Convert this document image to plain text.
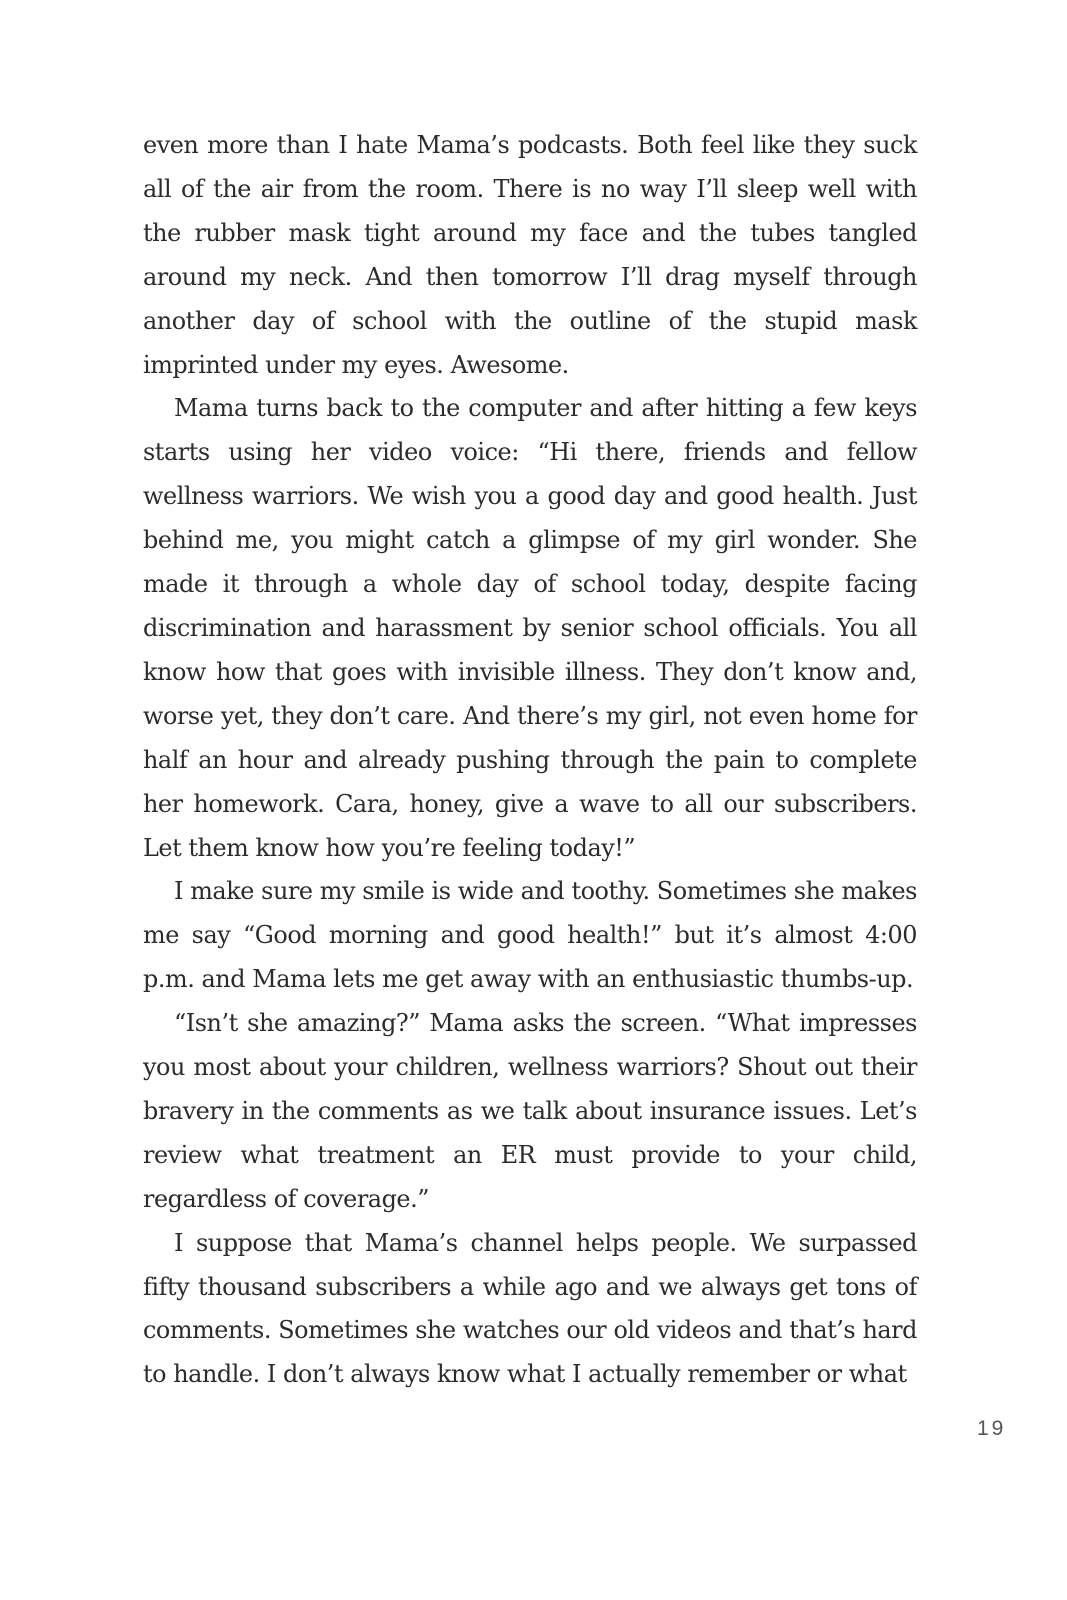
even more than I hate Mama’s podcasts. Both feel like they suck all of the air from the room. There is no way I’ll sleep well with the rubber mask tight around my face and the tubes tangled around my neck. And then tomorrow I’ll drag myself through another day of school with the outline of the stupid mask imprinted under my eyes. Awesome.

Mama turns back to the computer and after hitting a few keys starts using her video voice: “Hi there, friends and fellow wellness warriors. We wish you a good day and good health. Just behind me, you might catch a glimpse of my girl wonder. She made it through a whole day of school today, despite facing discrimination and harassment by senior school officials. You all know how that goes with invisible illness. They don’t know and, worse yet, they don’t care. And there’s my girl, not even home for half an hour and already pushing through the pain to complete her homework. Cara, honey, give a wave to all our subscribers. Let them know how you’re feeling today!”

I make sure my smile is wide and toothy. Sometimes she makes me say “Good morning and good health!” but it’s almost 4:00 p.m. and Mama lets me get away with an enthusiastic thumbs-up.

“Isn’t she amazing?” Mama asks the screen. “What impresses you most about your children, wellness warriors? Shout out their bravery in the comments as we talk about insurance issues. Let’s review what treatment an ER must provide to your child, regardless of coverage.”

I suppose that Mama’s channel helps people. We surpassed fifty thousand subscribers a while ago and we always get tons of comments. Sometimes she watches our old videos and that’s hard to handle. I don’t always know what I actually remember or what

19
